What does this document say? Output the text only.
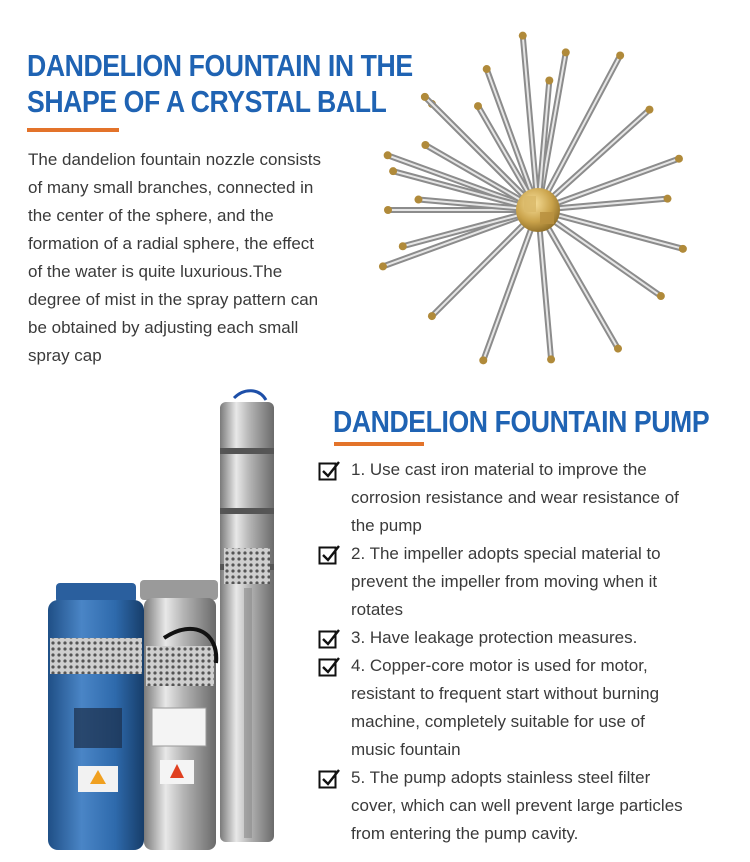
DANDELION FOUNTAIN IN THE
SHAPE OF A CRYSTAL BALL
The dandelion fountain nozzle consists
of many small branches, connected in
the center of the sphere, and the
formation of a radial sphere, the effect
of the water is quite luxurious.The
degree of mist in the spray pattern can
be obtained by adjusting each small
spray cap
DANDELION FOUNTAIN PUMP
1. Use cast iron material to improve the
corrosion resistance and wear resistance of
the pump
2. The impeller adopts special material to
prevent the impeller from moving when it
rotates
3. Have leakage protection measures.
4. Copper-core motor is used for motor,
resistant to frequent start without burning
machine, completely suitable for use of
music fountain
5. The pump adopts stainless steel filter
cover, which can well prevent large particles
from entering the pump cavity.
